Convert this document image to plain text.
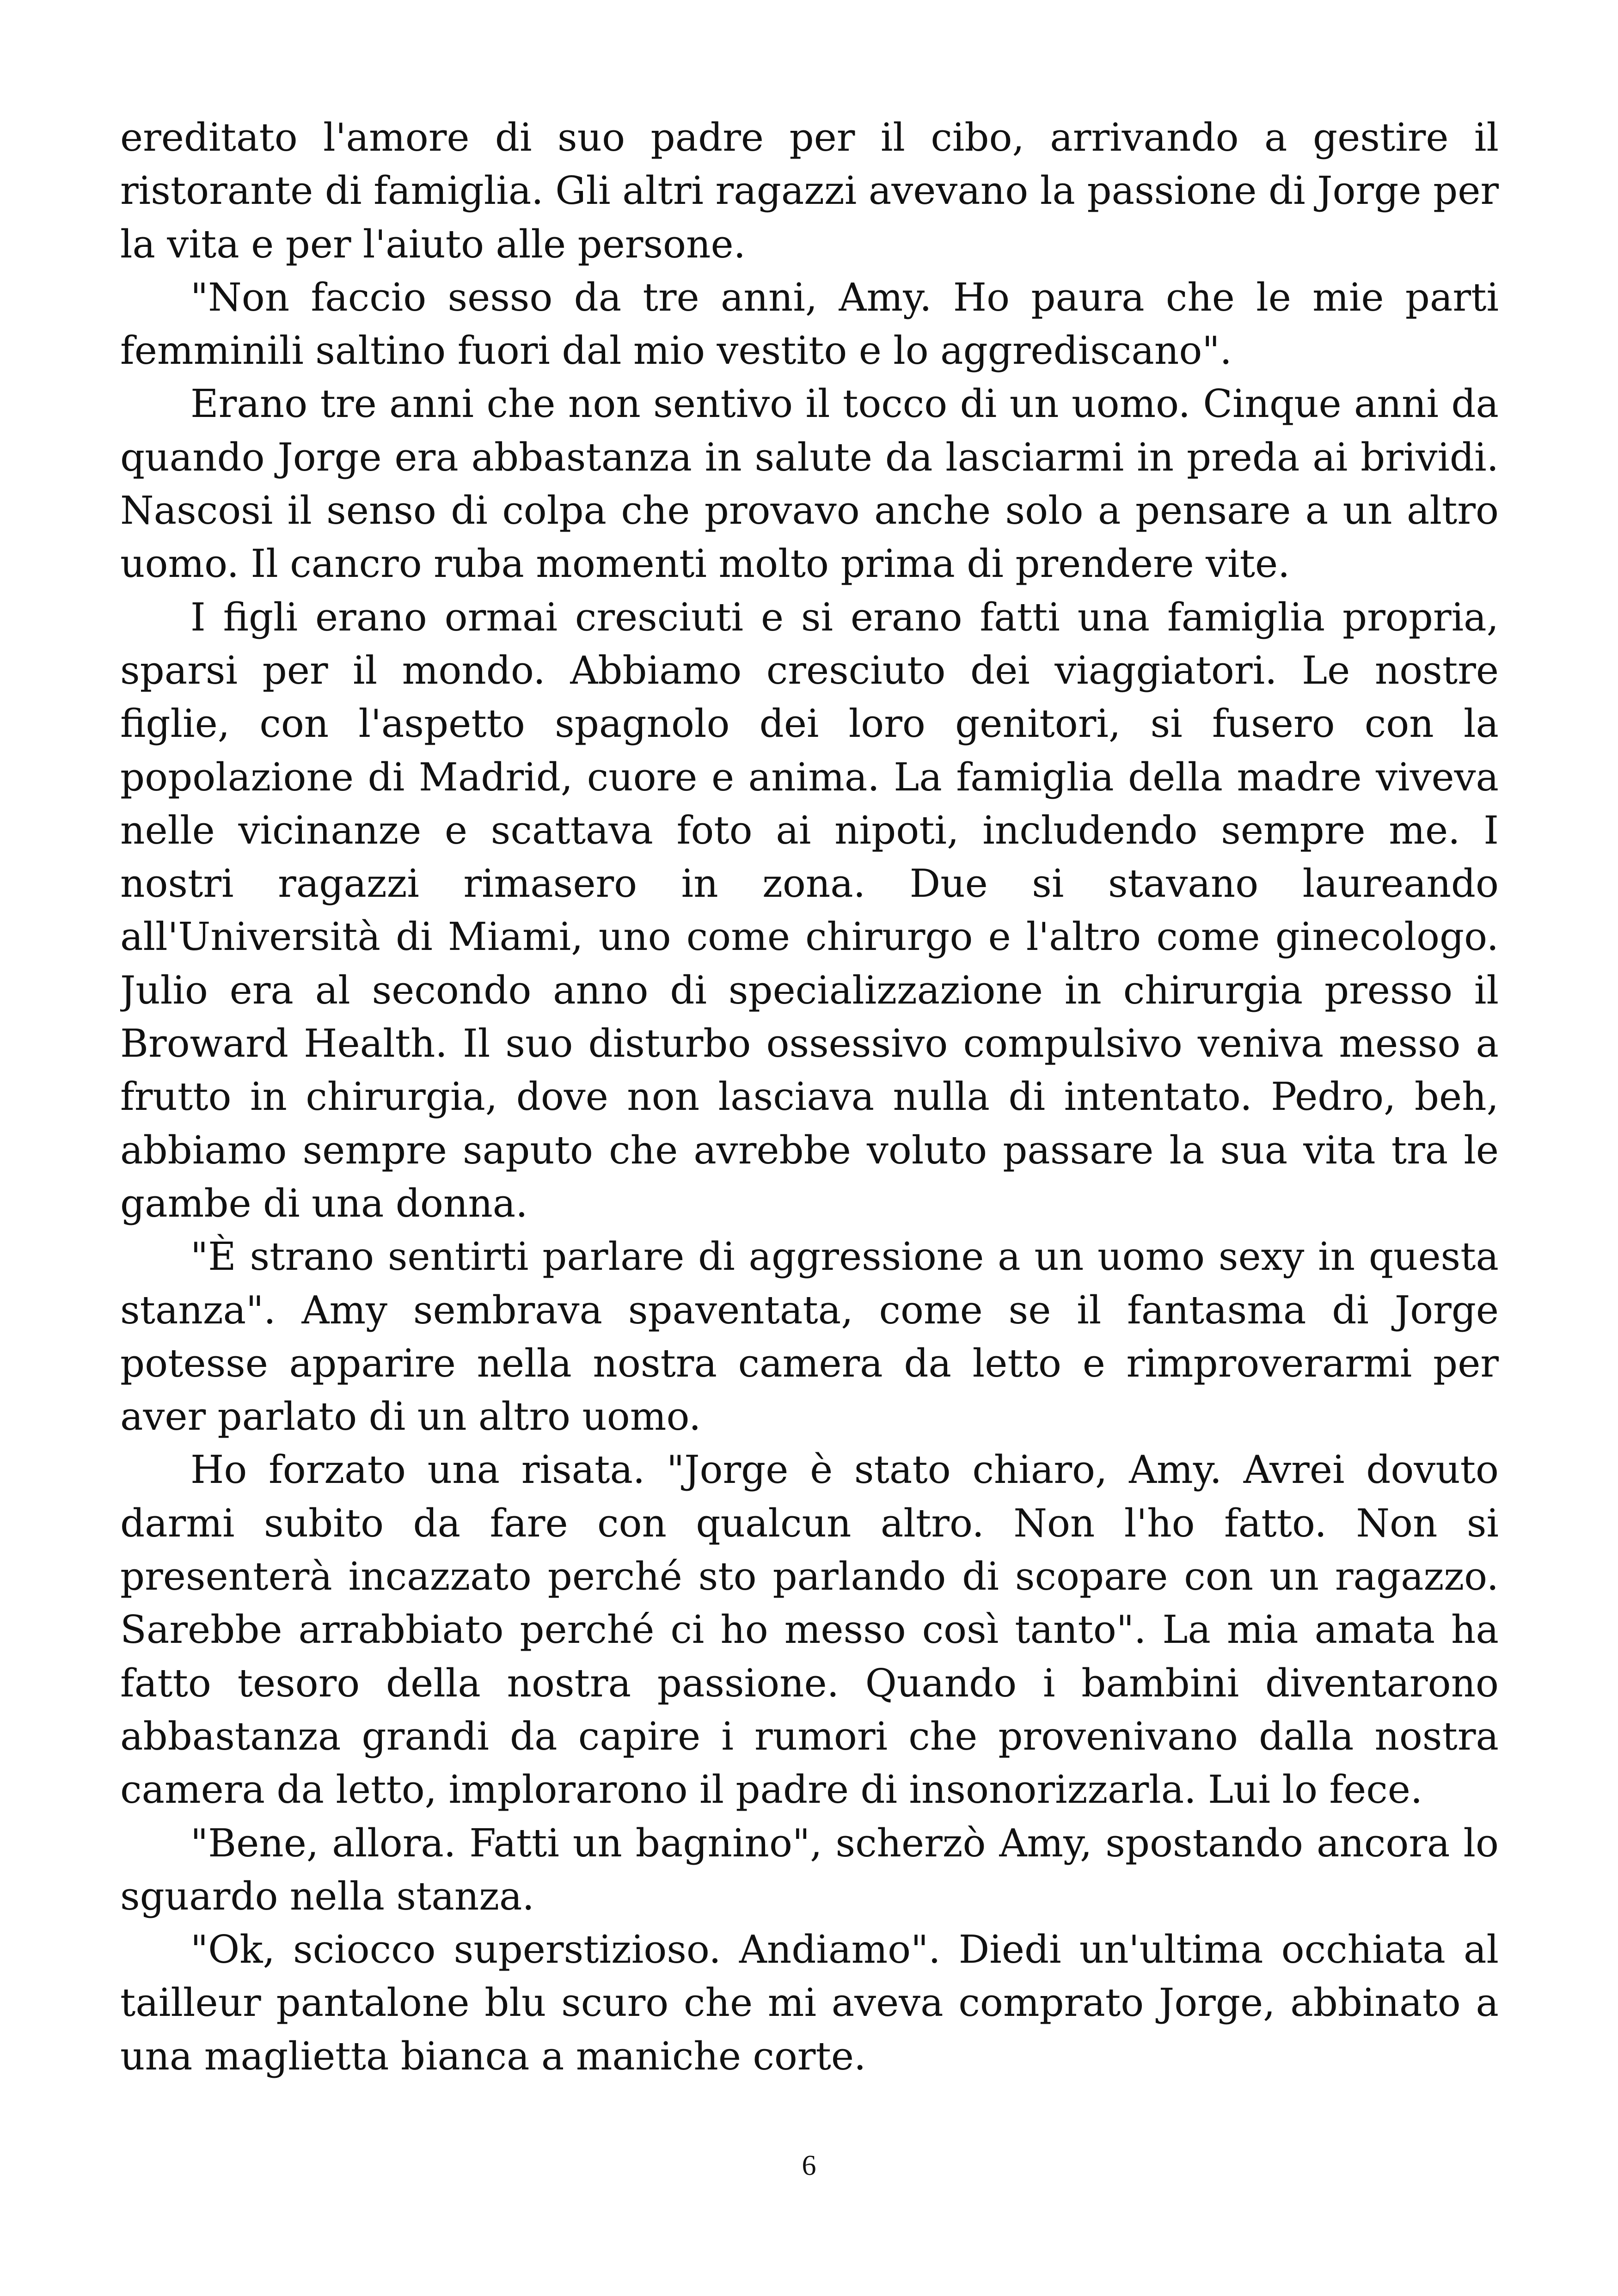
ereditato l'amore di suo padre per il cibo, arrivando a gestire il ristorante di famiglia. Gli altri ragazzi avevano la passione di Jorge per la vita e per l'aiuto alle persone.

"Non faccio sesso da tre anni, Amy. Ho paura che le mie parti femminili saltino fuori dal mio vestito e lo aggrediscano".

Erano tre anni che non sentivo il tocco di un uomo. Cinque anni da quando Jorge era abbastanza in salute da lasciarmi in preda ai brividi. Nascosi il senso di colpa che provavo anche solo a pensare a un altro uomo. Il cancro ruba momenti molto prima di prendere vite.

I figli erano ormai cresciuti e si erano fatti una famiglia propria, sparsi per il mondo. Abbiamo cresciuto dei viaggiatori. Le nostre figlie, con l'aspetto spagnolo dei loro genitori, si fusero con la popolazione di Madrid, cuore e anima. La famiglia della madre viveva nelle vicinanze e scattava foto ai nipoti, includendo sempre me. I nostri ragazzi rimasero in zona. Due si stavano laureando all'Università di Miami, uno come chirurgo e l'altro come ginecologo. Julio era al secondo anno di specializzazione in chirurgia presso il Broward Health. Il suo disturbo ossessivo compulsivo veniva messo a frutto in chirurgia, dove non lasciava nulla di intentato. Pedro, beh, abbiamo sempre saputo che avrebbe voluto passare la sua vita tra le gambe di una donna.

"È strano sentirti parlare di aggressione a un uomo sexy in questa stanza". Amy sembrava spaventata, come se il fantasma di Jorge potesse apparire nella nostra camera da letto e rimproverarmi per aver parlato di un altro uomo.

Ho forzato una risata. "Jorge è stato chiaro, Amy. Avrei dovuto darmi subito da fare con qualcun altro. Non l'ho fatto. Non si presenterà incazzato perché sto parlando di scopare con un ragazzo. Sarebbe arrabbiato perché ci ho messo così tanto". La mia amata ha fatto tesoro della nostra passione. Quando i bambini diventarono abbastanza grandi da capire i rumori che provenivano dalla nostra camera da letto, implorarono il padre di insonorizzarla. Lui lo fece.

"Bene, allora. Fatti un bagnino", scherzò Amy, spostando ancora lo sguardo nella stanza.

"Ok, sciocco superstizioso. Andiamo". Diedi un'ultima occhiata al tailleur pantalone blu scuro che mi aveva comprato Jorge, abbinato a una maglietta bianca a maniche corte.

6
